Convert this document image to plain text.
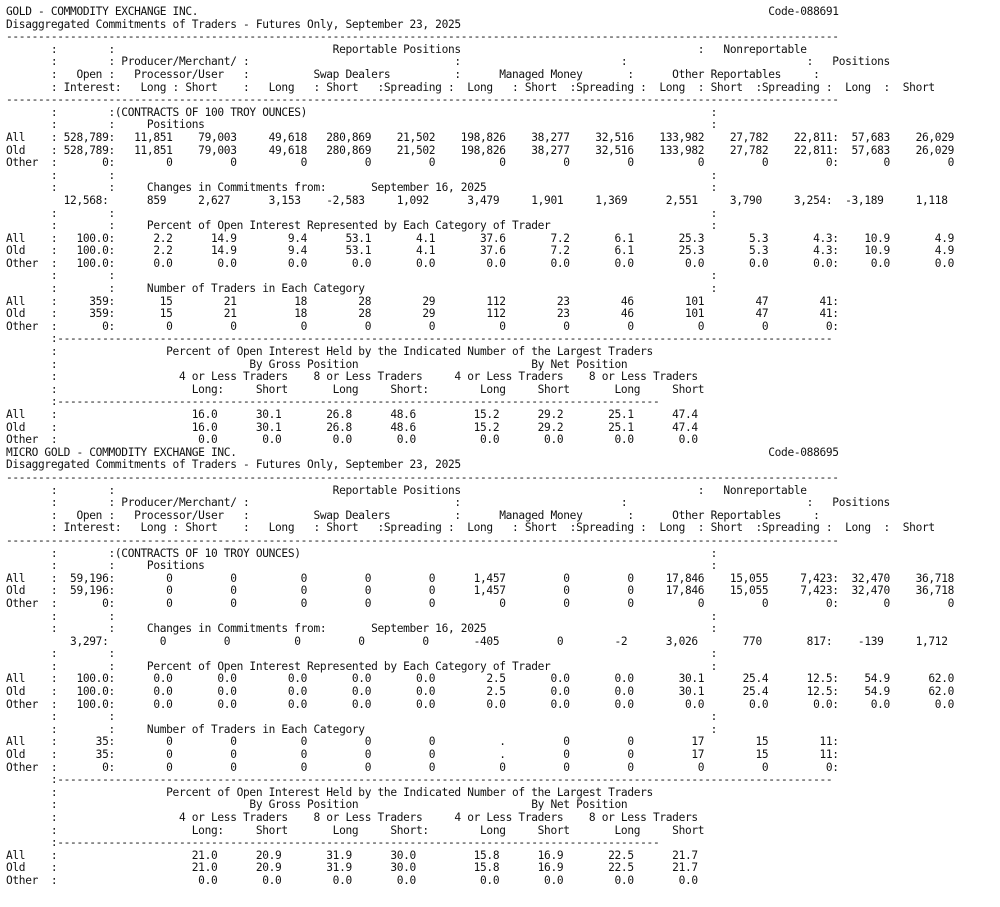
GOLD - COMMODITY EXCHANGE INC.                                                                                         Code-088691
Disaggregated Commitments of Traders - Futures Only, September 23, 2025
----------------------------------------------------------------------------------------------------------------------------------
:        :                                  Reportable Positions                                     :   Nonreportable
:        : Producer/Merchant/ :                                :                         :                            :   Positions
:   Open :   Processor/User   :          Swap Dealers          :      Managed Money       :      Other Reportables     :
: Interest:   Long : Short    :   Long   : Short   :Spreading :  Long   : Short  :Spreading :  Long  : Short  :Spreading :  Long  :  Short
----------------------------------------------------------------------------------------------------------------------------------
:        :(CONTRACTS OF 100 TROY OUNCES)                                                               :
:        :     Positions                                                                               :
All    : 528,789:   11,851    79,003     49,618   280,869    21,502    198,826    38,277    32,516    133,982    27,782    22,811:  57,683    26,029
Old    : 528,789:   11,851    79,003     49,618   280,869    21,502    198,826    38,277    32,516    133,982    27,782    22,811:  57,683    26,029
Other  :       0:        0         0          0         0         0          0         0         0          0         0         0:       0         0
:        :                                                                                             :
:        :     Changes in Commitments from:       September 16, 2025                                   :
12,568:      859     2,627      3,153    -2,583     1,092      3,479     1,901     1,369      2,551     3,790     3,254:  -3,189     1,118
:        :                                                                                             :
:        :     Percent of Open Interest Represented by Each Category of Trader                         :
All    :   100.0:      2.2      14.9        9.4      53.1       4.1       37.6       7.2       6.1       25.3       5.3       4.3:    10.9       4.9
Old    :   100.0:      2.2      14.9        9.4      53.1       4.1       37.6       7.2       6.1       25.3       5.3       4.3:    10.9       4.9
Other  :   100.0:      0.0       0.0        0.0       0.0       0.0        0.0       0.0       0.0        0.0       0.0       0.0:     0.0       0.0
:        :                                                                                             :
:        :     Number of Traders in Each Category                                                      :
All    :     359:       15        21         18        28        29        112        23        46        101        47        41:
Old    :     359:       15        21         18        28        29        112        23        46        101        47        41:
Other  :       0:        0         0          0         0         0          0         0         0          0         0         0:
:-------------------------------------------------------------------------------------------------------------------------
:                 Percent of Open Interest Held by the Indicated Number of the Largest Traders
:                              By Gross Position                           By Net Position
:                   4 or Less Traders    8 or Less Traders     4 or Less Traders    8 or Less Traders
:                     Long:     Short       Long     Short:        Long     Short       Long     Short
:----------------------------------------------------------------------------------------------
All    :                     16.0      30.1       26.8      48.6         15.2      29.2       25.1      47.4
Old    :                     16.0      30.1       26.8      48.6         15.2      29.2       25.1      47.4
Other  :                      0.0       0.0        0.0       0.0          0.0       0.0        0.0       0.0
MICRO GOLD - COMMODITY EXCHANGE INC.                                                                                   Code-088695
Disaggregated Commitments of Traders - Futures Only, September 23, 2025
----------------------------------------------------------------------------------------------------------------------------------
:        :                                  Reportable Positions                                     :   Nonreportable
:        : Producer/Merchant/ :                                :                         :                            :   Positions
:   Open :   Processor/User   :          Swap Dealers          :      Managed Money       :      Other Reportables     :
: Interest:   Long : Short    :   Long   : Short   :Spreading :  Long   : Short  :Spreading :  Long  : Short  :Spreading :  Long  :  Short
----------------------------------------------------------------------------------------------------------------------------------
:        :(CONTRACTS OF 10 TROY OUNCES)                                                                :
:        :     Positions                                                                               :
All    :  59,196:        0         0          0         0         0      1,457         0         0     17,846    15,055     7,423:  32,470    36,718
Old    :  59,196:        0         0          0         0         0      1,457         0         0     17,846    15,055     7,423:  32,470    36,718
Other  :       0:        0         0          0         0         0          0         0         0          0         0         0:       0         0
:        :                                                                                             :
:        :     Changes in Commitments from:       September 16, 2025                                   :
3,297:        0         0          0         0         0       -405         0        -2      3,026       770       817:    -139     1,712
:        :                                                                                             :
:        :     Percent of Open Interest Represented by Each Category of Trader                         :
All    :   100.0:      0.0       0.0        0.0       0.0       0.0        2.5       0.0       0.0       30.1      25.4      12.5:    54.9      62.0
Old    :   100.0:      0.0       0.0        0.0       0.0       0.0        2.5       0.0       0.0       30.1      25.4      12.5:    54.9      62.0
Other  :   100.0:      0.0       0.0        0.0       0.0       0.0        0.0       0.0       0.0        0.0       0.0       0.0:     0.0       0.0
:        :                                                                                             :
:        :     Number of Traders in Each Category                                                      :
All    :      35:        0         0          0         0         0          .         0         0         17        15        11:
Old    :      35:        0         0          0         0         0          .         0         0         17        15        11:
Other  :       0:        0         0          0         0         0          0         0         0          0         0         0:
:-------------------------------------------------------------------------------------------------------------------------
:                 Percent of Open Interest Held by the Indicated Number of the Largest Traders
:                              By Gross Position                           By Net Position
:                   4 or Less Traders    8 or Less Traders     4 or Less Traders    8 or Less Traders
:                     Long:     Short       Long     Short:        Long     Short       Long     Short
:----------------------------------------------------------------------------------------------
All    :                     21.0      20.9       31.9      30.0         15.8      16.9       22.5      21.7
Old    :                     21.0      20.9       31.9      30.0         15.8      16.9       22.5      21.7
Other  :                      0.0       0.0        0.0       0.0          0.0       0.0        0.0       0.0
